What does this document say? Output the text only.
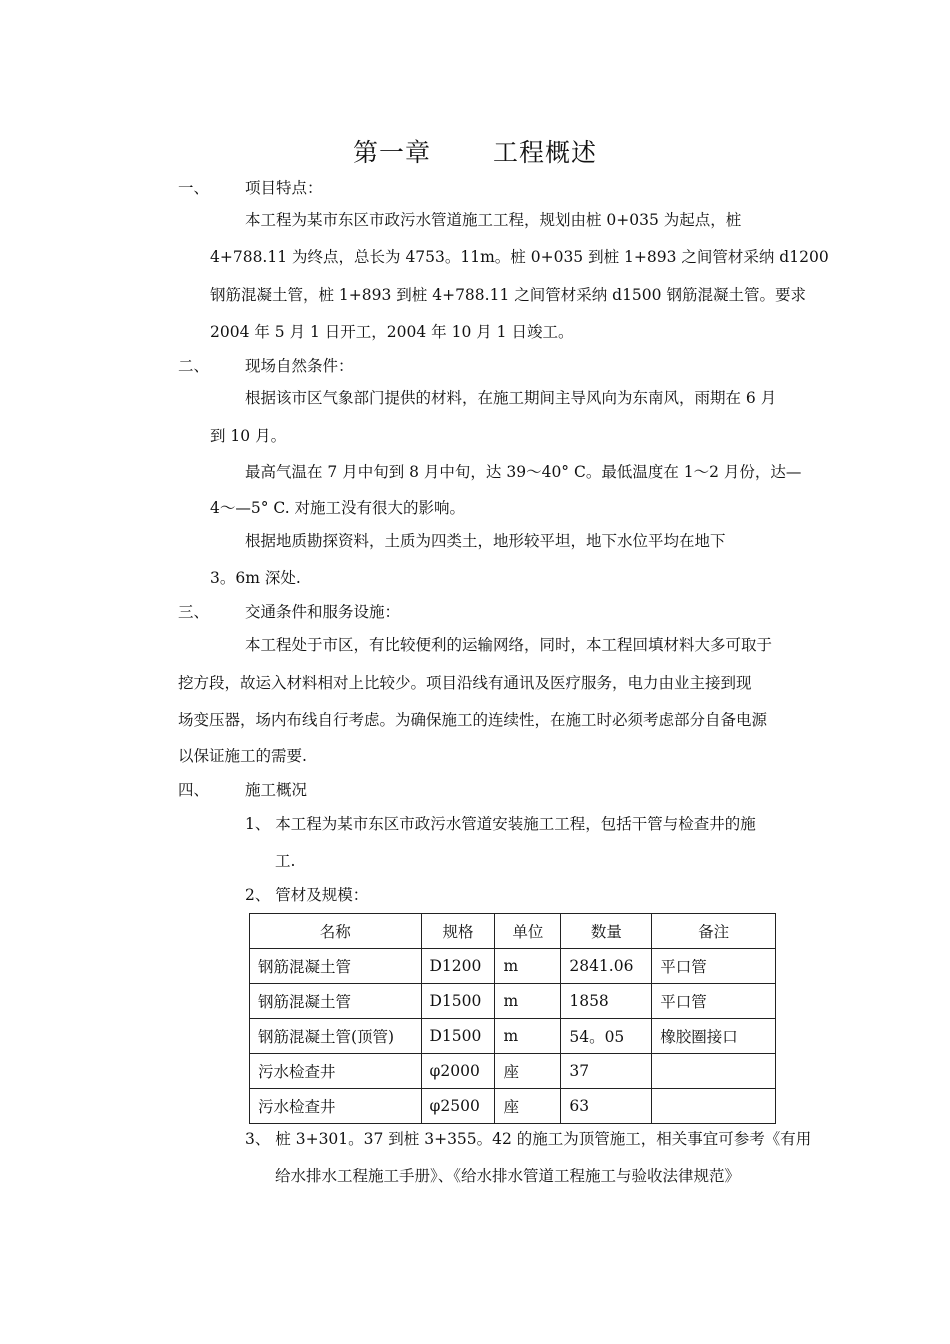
第一章 工程概述
一、 项目特点：
本工程为某市东区市政污水管道施工工程，规划由桩 0+035 为起点，桩
4+788.11 为终点，总长为 4753。11m。桩 0+035 到桩 1+893 之间管材采纳 d1200
钢筋混凝土管，桩 1+893 到桩 4+788.11 之间管材采纳 d1500 钢筋混凝土管。要求
2004 年 5 月 1 日开工，2004 年 10 月 1 日竣工。
二、 现场自然条件：
根据该市区气象部门提供的材料，在施工期间主导风向为东南风，雨期在 6 月
到 10 月。
最高气温在 7 月中旬到 8 月中旬，达 39～40° C。最低温度在 1～2 月份，达—
4～—5° C. 对施工没有很大的影响。
根据地质勘探资料，土质为四类土，地形较平坦，地下水位平均在地下
3。6m 深处.
三、 交通条件和服务设施：
本工程处于市区，有比较便利的运输网络，同时，本工程回填材料大多可取于
挖方段，故运入材料相对上比较少。项目沿线有通讯及医疗服务，电力由业主接到现
场变压器，场内布线自行考虑。为确保施工的连续性，在施工时必须考虑部分自备电源
以保证施工的需要.
四、 施工概况
1、 本工程为某市东区市政污水管道安装施工工程，包括干管与检查井的施
工.
2、 管材及规模：
名称	规格	单位	数量	备注
钢筋混凝土管	D1200	m	2841.06	平口管
钢筋混凝土管	D1500	m	1858	平口管
钢筋混凝土管(顶管)	D1500	m	54。05	橡胶圈接口
污水检查井	φ2000	座	37	
污水检查井	φ2500	座	63	
3、 桩 3+301。37 到桩 3+355。42 的施工为顶管施工，相关事宜可参考《有用
给水排水工程施工手册》、《给水排水管道工程施工与验收法律规范》
